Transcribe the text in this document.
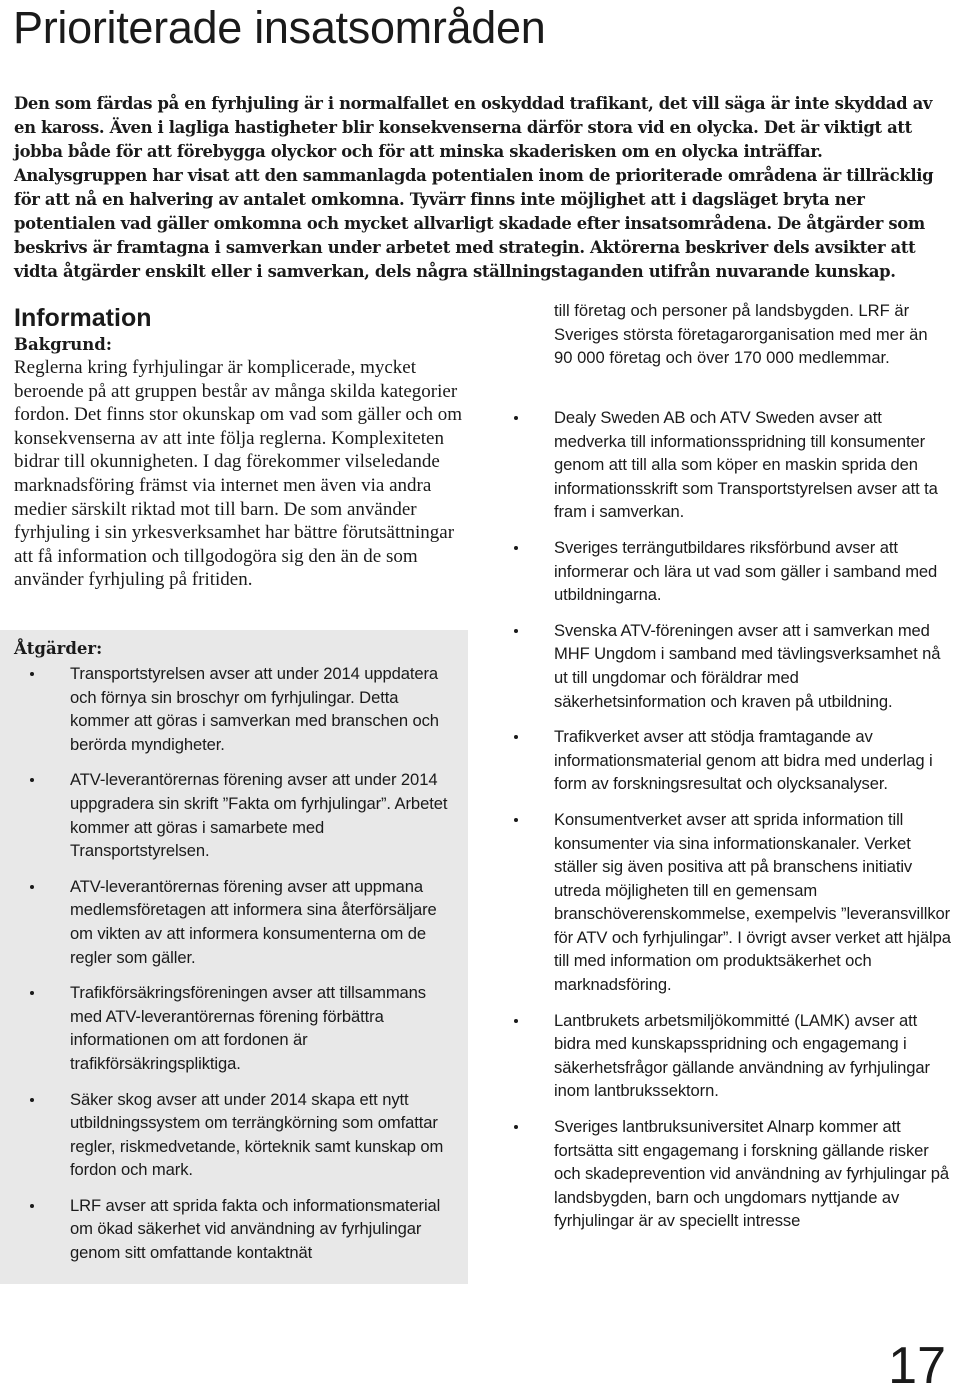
Prioriterade insatsområden
Den som färdas på en fyrhjuling är i normalfallet en oskyddad trafikant, det vill säga är inte skyddad av en kaross. Även i lagliga hastigheter blir konsekvenserna därför stora vid en olycka. Det är viktigt att jobba både för att förebygga olyckor och för att minska skaderisken om en olycka inträffar. Analysgruppen har visat att den sammanlagda potentialen inom de prioriterade områdena är tillräcklig för att nå en halvering av antalet omkomna. Tyvärr finns inte möjlighet att i dagsläget bryta ner potentialen vad gäller omkomna och mycket allvarligt skadade efter insatsområdena. De åtgärder som beskrivs är framtagna i samverkan under arbetet med strategin. Aktörerna beskriver dels avsikter att vidta åtgärder enskilt eller i samverkan, dels några ställningstaganden utifrån nuvarande kunskap.
Information
Bakgrund:
Reglerna kring fyrhjulingar är komplicerade, mycket beroende på att gruppen består av många skilda kategorier fordon. Det finns stor okunskap om vad som gäller och om konsekvenserna av att inte följa reglerna. Komplexiteten bidrar till okunnigheten. I dag förekommer vilseledande marknadsföring främst via internet men även via andra medier särskilt riktad mot till barn. De som använder fyrhjuling i sin yrkesverksamhet har bättre förutsättningar att få information och tillgodogöra sig den än de som använder fyrhjuling på fritiden.
Åtgärder:
Transportstyrelsen avser att under 2014 uppdatera och förnya sin broschyr om fyrhjulingar. Detta kommer att göras i samverkan med branschen och berörda myndigheter.
ATV-leverantörernas förening avser att under 2014 uppgradera sin skrift ”Fakta om fyrhjulingar”. Arbetet kommer att göras i samarbete med Transportstyrelsen.
ATV-leverantörernas förening avser att uppmana medlemsföretagen att informera sina återförsäljare om vikten av att informera konsumenterna om de regler som gäller.
Trafikförsäkringsföreningen avser att tillsammans med ATV-leverantörernas förening förbättra informationen om att fordonen är trafikförsäkringspliktiga.
Säker skog avser att under 2014 skapa ett nytt utbildningssystem om terrängkörning som omfattar regler, riskmedvetande, körteknik samt kunskap om fordon och mark.
LRF avser att sprida fakta och informationsmaterial om ökad säkerhet vid användning av fyrhjulingar genom sitt omfattande kontaktnät
till företag och personer på landsbygden. LRF är Sveriges största företagarorganisation med mer än 90 000 företag och över 170 000 medlemmar.
Dealy Sweden AB och ATV Sweden avser att medverka till informationsspridning till konsumenter genom att till alla som köper en maskin sprida den informationsskrift som Transportstyrelsen avser att ta fram i samverkan.
Sveriges terrängutbildares riksförbund avser att informerar och lära ut vad som gäller i samband med utbildningarna.
Svenska ATV-föreningen avser att i samverkan med MHF Ungdom i samband med tävlingsverksamhet nå ut till ungdomar och föräldrar med säkerhetsinformation och kraven på utbildning.
Trafikverket avser att stödja framtagande av informationsmaterial genom att bidra med underlag i form av forskningsresultat och olycksanalyser.
Konsumentverket avser att sprida information till konsumenter via sina informationskanaler. Verket ställer sig även positiva att på branschens initiativ utreda möjligheten till en gemensam branschöverenskommelse, exempelvis ”leveransvillkor för ATV och fyrhjulingar”. I övrigt avser verket att hjälpa till med information om produktsäkerhet och marknadsföring.
Lantbrukets arbetsmiljökommitté (LAMK) avser att bidra med kunskapsspridning och engagemang i säkerhetsfrågor gällande användning av fyrhjulingar inom lantbrukssektorn.
Sveriges lantbruksuniversitet Alnarp kommer att fortsätta sitt engagemang i forskning gällande risker och skadeprevention vid användning av fyrhjulingar på landsbygden, barn och ungdomars nyttjande av fyrhjulingar är av speciellt intresse
17
